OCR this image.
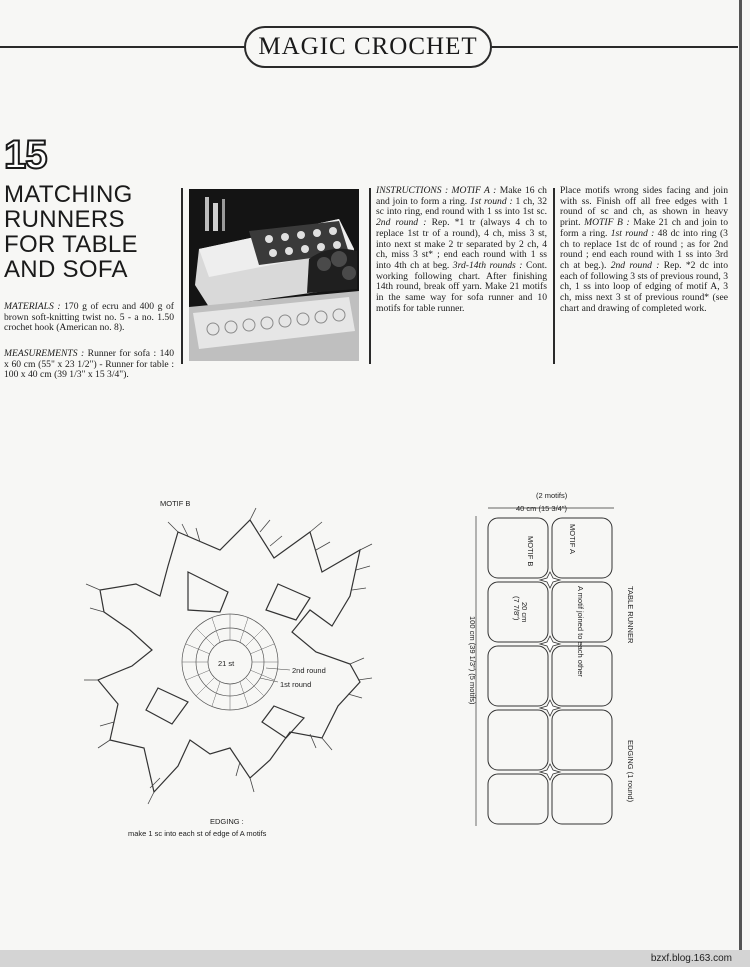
MAGIC CROCHET
15
MATCHING
RUNNERS
FOR TABLE
AND SOFA

MATERIALS : 170 g of ecru and 400 g of brown soft-knitting twist no. 5 - a no. 1.50 crochet hook (American no. 8).

MEASUREMENTS : Runner for sofa : 140 x 60 cm (55" x 23 1/2") - Runner for table : 100 x 40 cm (39 1/3" x 15 3/4").

INSTRUCTIONS : MOTIF A : Make 16 ch and join to form a ring. 1st round : 1 ch, 32 sc into ring, end round with 1 ss into 1st sc. 2nd round : Rep. *1 tr (always 4 ch to replace 1st tr of a round), 4 ch, miss 3 st, into next st make 2 tr separated by 2 ch, 4 ch, miss 3 st* ; end each round with 1 ss into 4th ch at beg. 3rd-14th rounds : Cont. working following chart. After finishing 14th round, break off yarn. Make 21 motifs in the same way for sofa runner and 10 motifs for table runner.

Place motifs wrong sides facing and join with ss. Finish off all free edges with 1 round of sc and ch, as shown in heavy print. MOTIF B : Make 21 ch and join to form a ring. 1st round : 48 dc into ring (3 ch to replace 1st dc of round ; as for 2nd round ; end each round with 1 ss into 3rd ch at beg.). 2nd round : Rep. *2 dc into each of following 3 sts of previous round, 3 ch, 1 ss into loop of edging of motif A, 3 ch, miss next 3 st of previous round* (see chart and drawing of completed work.

MOTIF B
21 st
2nd round
1st round
EDGING :
make 1 sc into each st of edge of A motifs
(2 motifs)
40 cm (15 3/4")
100 cm (39 1/3") (5 motifs)
MOTIF B	MOTIF A
20 cm
(7 7/8")	A motif joined to each other	TABLE RUNNER
EDGING (1 round)
bzxf.blog.163.com
